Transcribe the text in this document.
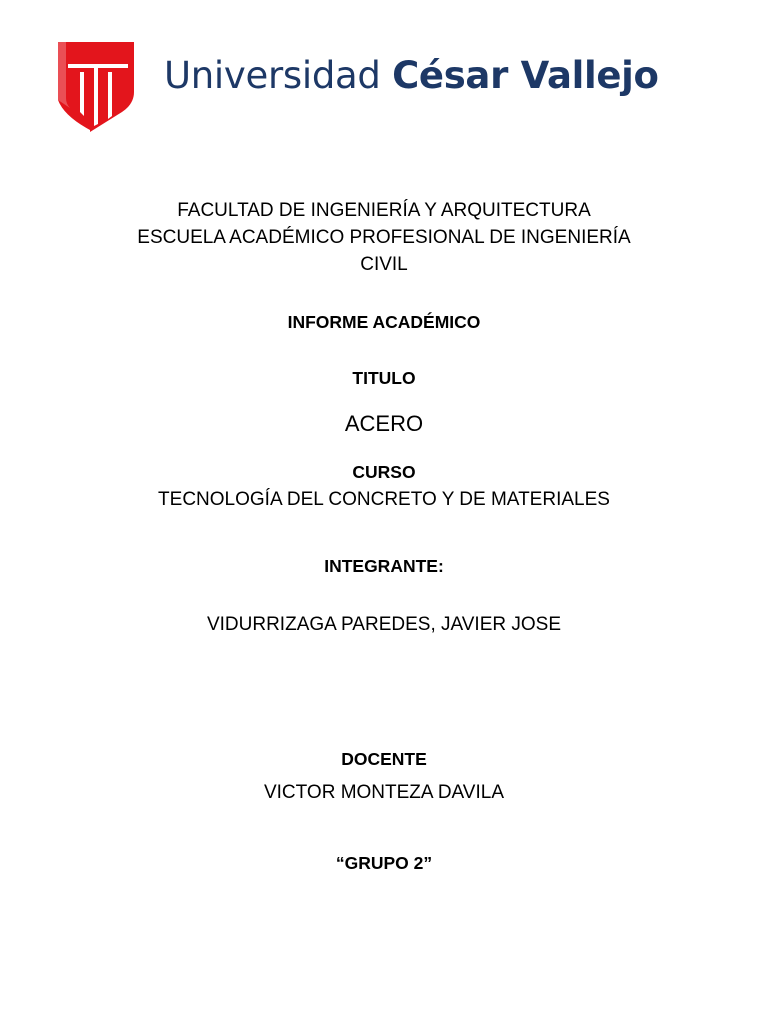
Universidad César Vallejo
FACULTAD DE INGENIERÍA Y ARQUITECTURA
ESCUELA ACADÉMICO PROFESIONAL DE INGENIERÍA
CIVIL
INFORME ACADÉMICO
TITULO
ACERO
CURSO
TECNOLOGÍA DEL CONCRETO Y DE MATERIALES
INTEGRANTE:
VIDURRIZAGA PAREDES, JAVIER JOSE
DOCENTE
VICTOR MONTEZA DAVILA
“GRUPO 2”
